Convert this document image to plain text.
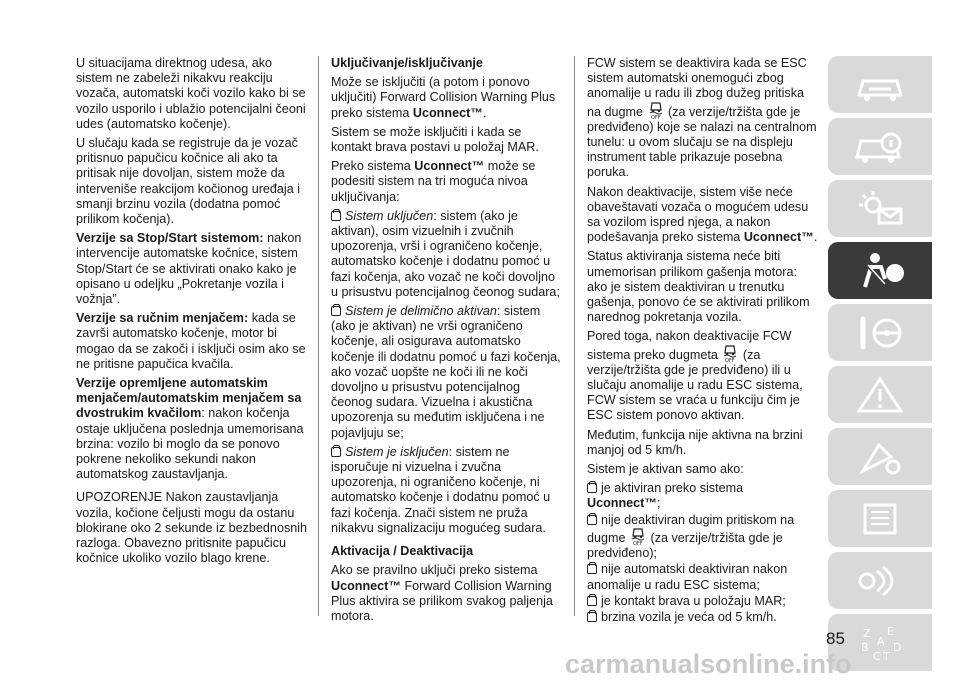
U situacijama direktnog udesa, ako sistem ne zabeleži nikakvu reakciju vozača, automatski koči vozilo kako bi se vozilo usporilo i ublažio potencijalni čeoni udes (automatsko kočenje).

U slučaju kada se registruje da je vozač pritisnuo papučicu kočnice ali ako ta pritisak nije dovoljan, sistem može da interveniše reakcijom kočionog uređaja i smanji brzinu vozila (dodatna pomoć prilikom kočenja).

Verzije sa Stop/Start sistemom: nakon intervencije automatske kočnice, sistem Stop/Start će se aktivirati onako kako je opisano u odeljku „Pokretanje vozila i vožnja”.

Verzije sa ručnim menjačem: kada se završi automatsko kočenje, motor bi mogao da se zakoči i isključi osim ako se ne pritisne papučica kvačila.

Verzije opremljene automatskim menjačem/automatskim menjačem sa dvostrukim kvačilom: nakon kočenja ostaje uključena poslednja umemorisana brzina: vozilo bi moglo da se ponovo pokrene nekoliko sekundi nakon automatskog zaustavljanja.

UPOZORENJE Nakon zaustavljanja vozila, kočione čeljusti mogu da ostanu blokirane oko 2 sekunde iz bezbednosnih razloga. Obavezno pritisnite papučicu kočnice ukoliko vozilo blago krene.

Uključivanje/isključivanje

Može se isključiti (a potom i ponovo uključiti) Forward Collision Warning Plus preko sistema Uconnect™.

Sistem se može isključiti i kada se kontakt brava postavi u položaj MAR.

Preko sistema Uconnect™ može se podesiti sistem na tri moguća nivoa uključivanja:

Sistem uključen: sistem (ako je aktivan), osim vizuelnih i zvučnih upozorenja, vrši i ograničeno kočenje, automatsko kočenje i dodatnu pomoć u fazi kočenja, ako vozač ne koči dovoljno u prisustvu potencijalnog čeonog sudara;

Sistem je delimično aktivan: sistem (ako je aktivan) ne vrši ograničeno kočenje, ali osigurava automatsko kočenje ili dodatnu pomoć u fazi kočenja, ako vozač uopšte ne koči ili ne koči dovoljno u prisustvu potencijalnog čeonog sudara. Vizuelna i akustična upozorenja su međutim isključena i ne pojavljuju se;

Sistem je isključen: sistem ne isporučuje ni vizuelna i zvučna upozorenja, ni ograničeno kočenje, ni automatsko kočenje i dodatnu pomoć u fazi kočenja. Znači sistem ne pruža nikakvu signalizaciju mogućeg sudara.

Aktivacija / Deaktivacija

Ako se pravilno uključi preko sistema Uconnect™ Forward Collision Warning Plus aktivira se prilikom svakog paljenja motora.

FCW sistem se deaktivira kada se ESC sistem automatski onemogući zbog anomalije u radu ili zbog dužeg pritiska na dugme OFF (za verzije/tržišta gde je predviđeno) koje se nalazi na centralnom tunelu: u ovom slučaju se na displeju instrument table prikazuje posebna poruka.

Nakon deaktivacije, sistem više neće obaveštavati vozača o mogućem udesu sa vozilom ispred njega, a nakon podešavanja preko sistema Uconnect™.

Status aktiviranja sistema neće biti umemorisan prilikom gašenja motora: ako je sistem deaktiviran u trenutku gašenja, ponovo će se aktivirati prilikom narednog pokretanja vozila.

Pored toga, nakon deaktivacije FCW sistema preko dugmeta OFF (za verzije/tržišta gde je predviđeno) ili u slučaju anomalije u radu ESC sistema, FCW sistem se vraća u funkciju čim je ESC sistem ponovo aktivan.

Međutim, funkcija nije aktivna na brzini manjoj od 5 km/h.

Sistem je aktivan samo ako:

je aktiviran preko sistema Uconnect™;

nije deaktiviran dugim pritiskom na dugme OFF (za verzije/tržišta gde je predviđeno);

nije automatski deaktiviran nakon anomalije u radu ESC sistema;

je kontakt brava u položaju MAR;

brzina vozila je veća od 5 km/h.

Z E
B A
C T
D
85
carmanualsonline.info
